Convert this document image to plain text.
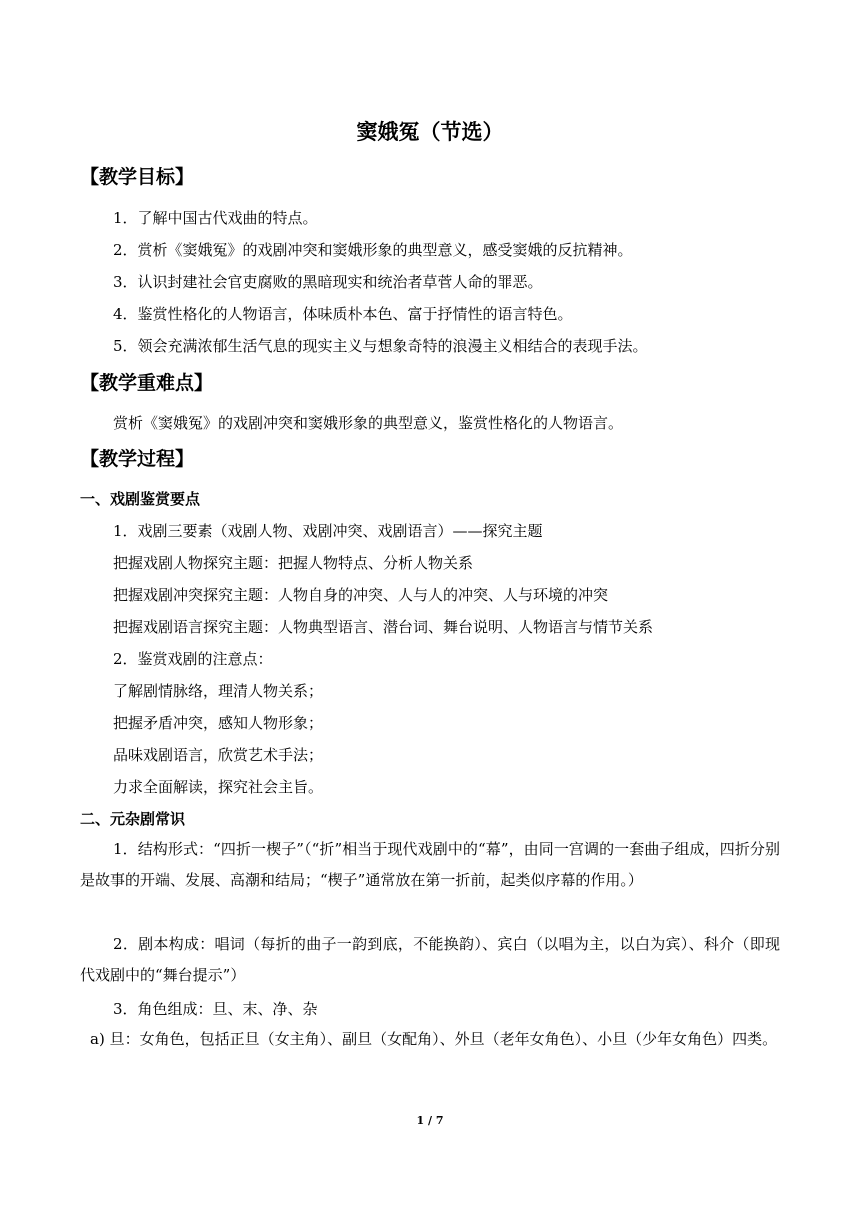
窦娥冤（节选）
【教学目标】
1．了解中国古代戏曲的特点。
2．赏析《窦娥冤》的戏剧冲突和窦娥形象的典型意义，感受窦娥的反抗精神。
3．认识封建社会官吏腐败的黑暗现实和统治者草菅人命的罪恶。
4．鉴赏性格化的人物语言，体味质朴本色、富于抒情性的语言特色。
5．领会充满浓郁生活气息的现实主义与想象奇特的浪漫主义相结合的表现手法。
【教学重难点】
赏析《窦娥冤》的戏剧冲突和窦娥形象的典型意义，鉴赏性格化的人物语言。
【教学过程】
一、戏剧鉴赏要点
1．戏剧三要素（戏剧人物、戏剧冲突、戏剧语言）——探究主题
把握戏剧人物探究主题：把握人物特点、分析人物关系
把握戏剧冲突探究主题：人物自身的冲突、人与人的冲突、人与环境的冲突
把握戏剧语言探究主题：人物典型语言、潜台词、舞台说明、人物语言与情节关系
2．鉴赏戏剧的注意点：
了解剧情脉络，理清人物关系；
把握矛盾冲突，感知人物形象；
品味戏剧语言，欣赏艺术手法；
力求全面解读，探究社会主旨。
二、元杂剧常识
1．结构形式：“四折一楔子”（“折”相当于现代戏剧中的“幕”，由同一宫调的一套曲子组成，四折分别是故事的开端、发展、高潮和结局；“楔子”通常放在第一折前，起类似序幕的作用。）
2．剧本构成：唱词（每折的曲子一韵到底，不能换韵）、宾白（以唱为主，以白为宾）、科介（即现代戏剧中的“舞台提示”）
3．角色组成：旦、末、净、杂
a) 旦：女角色，包括正旦（女主角）、副旦（女配角）、外旦（老年女角色）、小旦（少年女角色）四类。
1 / 7
